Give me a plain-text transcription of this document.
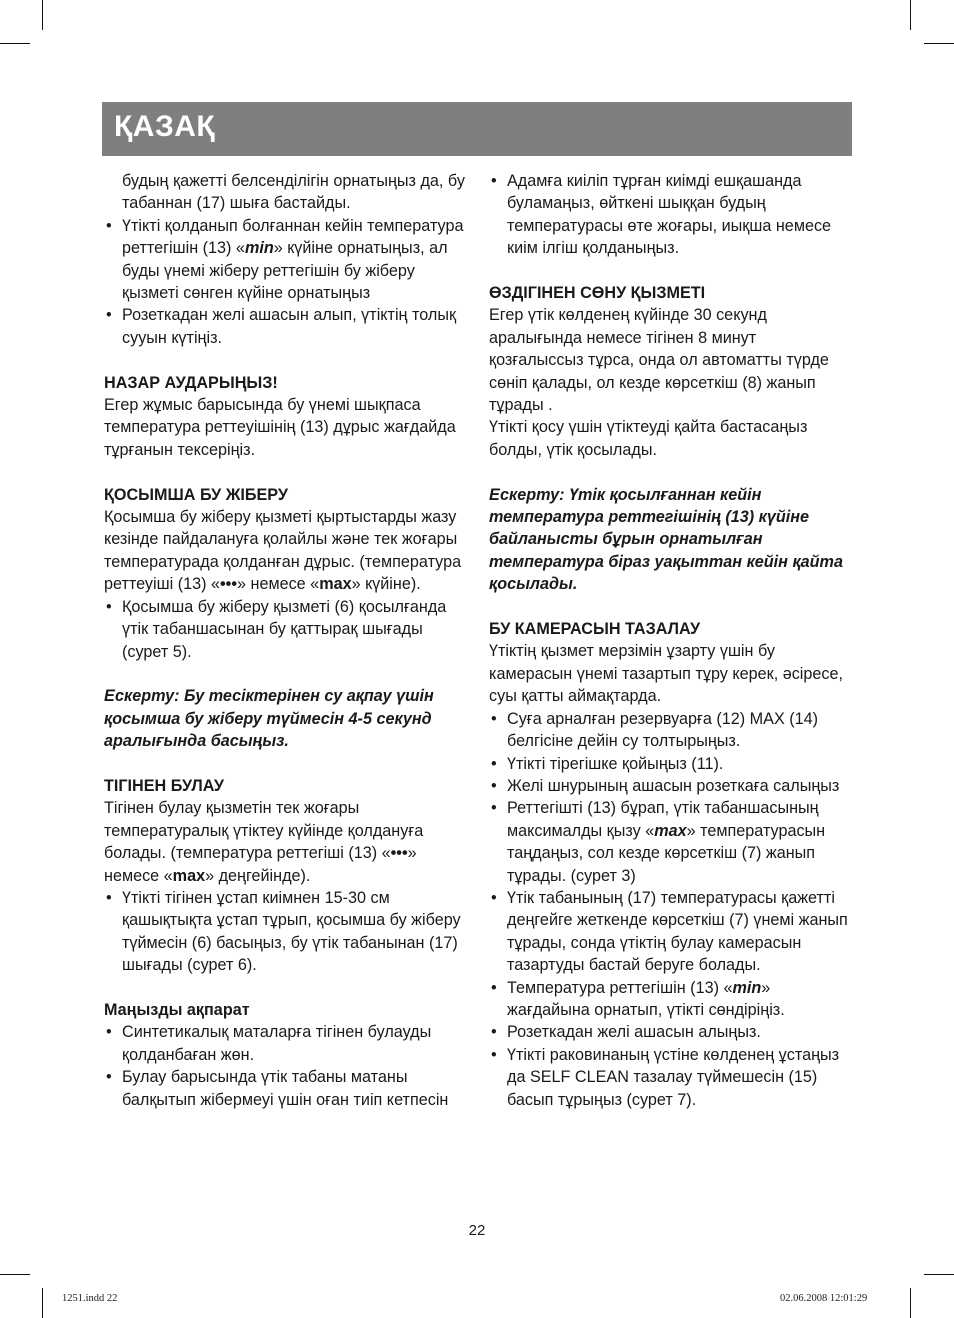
ҚАЗАҚ

будың қажетті белсенділігін орнатыңыз да, бу табаннан (17) шыға бастайды.

• Үтікті қолданып болғаннан кейін температура реттегішін (13) «min» күйіне орнатыңыз, ал буды үнемі жіберу реттегішін бу жіберу қызметі сөнген күйіне орнатыңыз

• Розеткадан желі ашасын алып, үтіктің толық сууын күтіңіз.

НАЗАР АУДАРЫҢЫЗ!

Егер жұмыс барысында бу үнемі шықпаса температура реттеуішінің (13) дұрыс жағдайда тұрғанын тексеріңіз.

ҚОСЫМША БУ ЖІБЕРУ

Қосымша бу жіберу қызметі қыртыстарды жазу кезінде пайдалануға қолайлы және тек жоғары температурада қолданған дұрыс. (температура реттеуіші (13) «•••» немесе «max» күйіне).

• Қосымша бу жіберу қызметі (6) қосылғанда үтік табаншасынан бу қаттырақ шығады (сурет 5).

Ескерту: Бу тесіктерінен су ақпау үшін қосымша бу жіберу түймесін 4-5 секунд аралығында басыңыз.

ТІГІНЕН БУЛАУ

Тігінен булау қызметін тек жоғары температуралық үтіктеу күйінде қолдануға болады. (температура реттегіші (13) «•••» немесе «max» деңгейінде).

• Үтікті тігінен ұстап киімнен 15-30 см қашықтықта ұстап тұрып, қосымша бу жіберу түймесін (6) басыңыз, бу үтік табанынан (17) шығады (сурет 6).

Маңызды ақпарат

• Синтетикалық маталарға тігінен булауды қолданбаған жөн.

• Булау барысында үтік табаны матаны балқытып жібермеуі үшін оған тиіп кетпесін

• Адамға киіліп тұрған киімді ешқашанда буламаңыз, өйткені шыққан будың температурасы өте жоғары, иықша немесе киім ілгіш қолданыңыз.

ӨЗДІГІНЕН СӨНУ ҚЫЗМЕТІ

Егер үтік көлденең күйінде 30 секунд аралығында немесе тігінен 8 минут қозғалыссыз тұрса, онда ол автоматты түрде сөніп қалады, ол кезде көрсеткіш (8) жанып тұрады .

Үтікті қосу үшін үтіктеуді қайта бастасаңыз болды, үтік қосылады.

Ескерту: Үтік қосылғаннан кейін температура реттегішінің (13) күйіне байланысты бұрын орнатылған температура біраз уақыттан кейін қайта қосылады.

БУ КАМЕРАСЫН ТАЗАЛАУ

Үтіктің қызмет мерзімін ұзарту үшін бу камерасын үнемі тазартып тұру керек, әсіресе, суы қатты аймақтарда.

• Суға арналған резервуарға (12) MAX (14) белгісіне дейін су толтырыңыз.

• Үтікті тірегішке қойыңыз (11).

• Желі шнурының ашасын розеткаға салыңыз

• Реттегішті (13) бұрап, үтік табаншасының максималды қызу «max» температурасын таңдаңыз, сол кезде көрсеткіш (7) жанып тұрады. (сурет 3)

• Үтік табанының (17) температурасы қажетті деңгейге жеткенде көрсеткіш (7) үнемі жанып тұрады, сонда үтіктің булау камерасын тазартуды бастай беруге болады.

• Температура реттегішін (13) «min» жағдайына орнатып, үтікті сөндіріңіз.

• Розеткадан желі ашасын алыңыз.

• Үтікті раковинаның үстіне көлденең ұстаңыз да SELF CLEAN тазалау түймешесін (15) басып тұрыңыз (сурет 7).

22
1251.indd 22	02.06.2008 12:01:29
